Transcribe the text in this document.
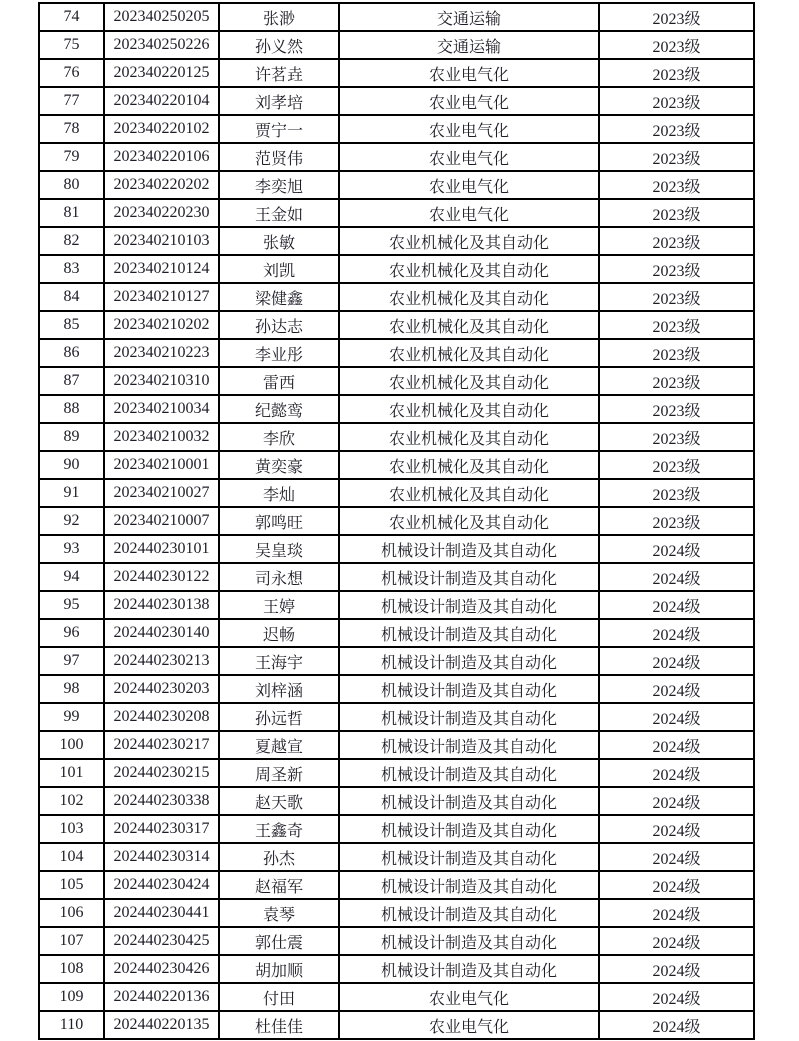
74	202340250205	张渺	交通运输	2023级
75	202340250226	孙义然	交通运输	2023级
76	202340220125	许茗垚	农业电气化	2023级
77	202340220104	刘孝培	农业电气化	2023级
78	202340220102	贾宁一	农业电气化	2023级
79	202340220106	范贤伟	农业电气化	2023级
80	202340220202	李奕旭	农业电气化	2023级
81	202340220230	王金如	农业电气化	2023级
82	202340210103	张敏	农业机械化及其自动化	2023级
83	202340210124	刘凯	农业机械化及其自动化	2023级
84	202340210127	梁健鑫	农业机械化及其自动化	2023级
85	202340210202	孙达志	农业机械化及其自动化	2023级
86	202340210223	李业彤	农业机械化及其自动化	2023级
87	202340210310	雷西	农业机械化及其自动化	2023级
88	202340210034	纪懿鸾	农业机械化及其自动化	2023级
89	202340210032	李欣	农业机械化及其自动化	2023级
90	202340210001	黄奕豪	农业机械化及其自动化	2023级
91	202340210027	李灿	农业机械化及其自动化	2023级
92	202340210007	郭鸣旺	农业机械化及其自动化	2023级
93	202440230101	吴皇琰	机械设计制造及其自动化	2024级
94	202440230122	司永想	机械设计制造及其自动化	2024级
95	202440230138	王婷	机械设计制造及其自动化	2024级
96	202440230140	迟畅	机械设计制造及其自动化	2024级
97	202440230213	王海宇	机械设计制造及其自动化	2024级
98	202440230203	刘梓涵	机械设计制造及其自动化	2024级
99	202440230208	孙远哲	机械设计制造及其自动化	2024级
100	202440230217	夏越宣	机械设计制造及其自动化	2024级
101	202440230215	周圣新	机械设计制造及其自动化	2024级
102	202440230338	赵天歌	机械设计制造及其自动化	2024级
103	202440230317	王鑫奇	机械设计制造及其自动化	2024级
104	202440230314	孙杰	机械设计制造及其自动化	2024级
105	202440230424	赵福军	机械设计制造及其自动化	2024级
106	202440230441	袁琴	机械设计制造及其自动化	2024级
107	202440230425	郭仕震	机械设计制造及其自动化	2024级
108	202440230426	胡加顺	机械设计制造及其自动化	2024级
109	202440220136	付田	农业电气化	2024级
110	202440220135	杜佳佳	农业电气化	2024级
